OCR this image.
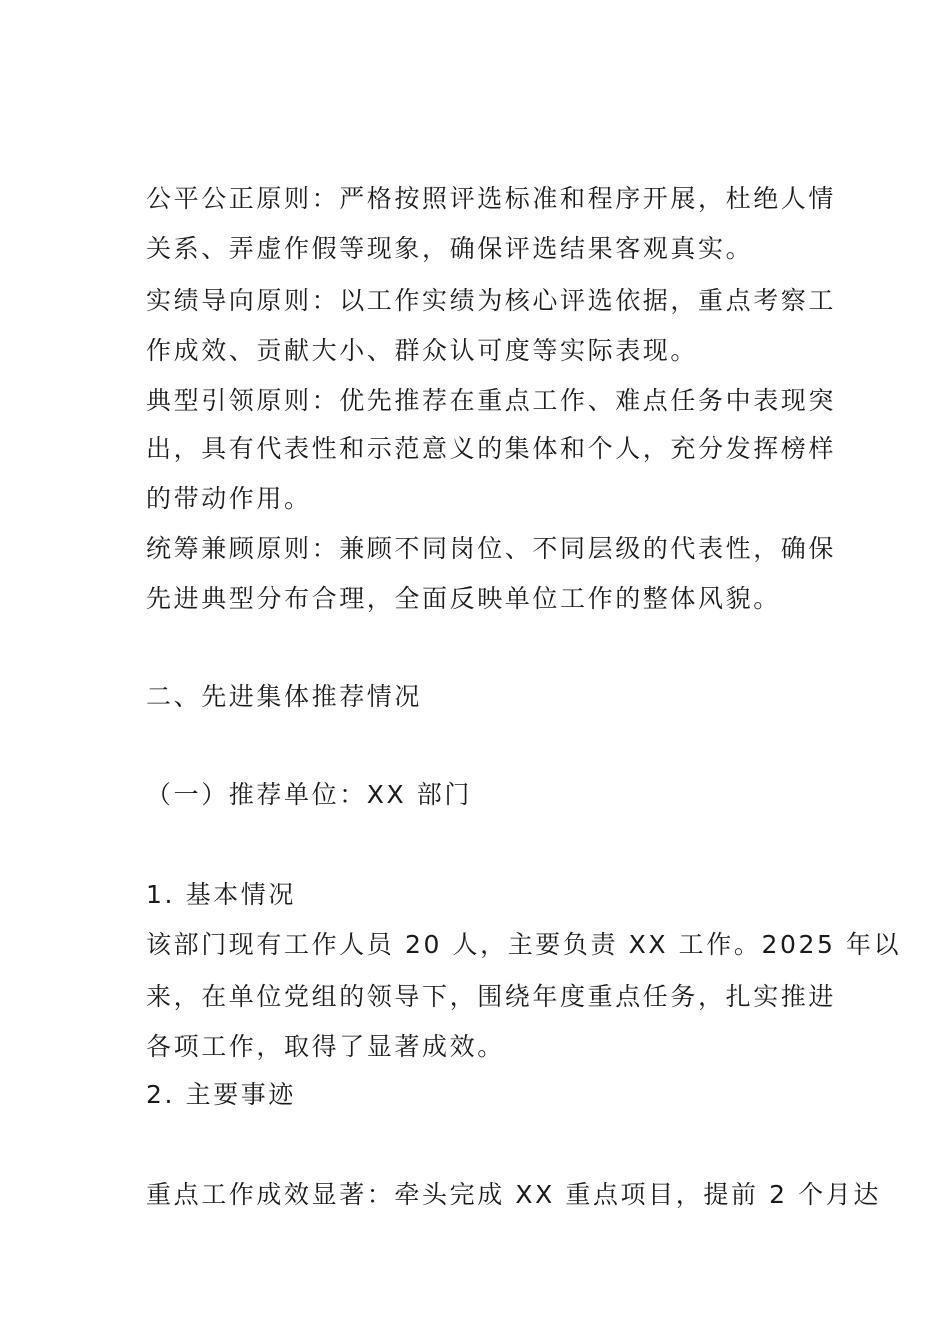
公平公正原则：严格按照评选标准和程序开展，杜绝人情
关系、弄虚作假等现象，确保评选结果客观真实。
实绩导向原则：以工作实绩为核心评选依据，重点考察工
作成效、贡献大小、群众认可度等实际表现。
典型引领原则：优先推荐在重点工作、难点任务中表现突
出，具有代表性和示范意义的集体和个人，充分发挥榜样
的带动作用。
统筹兼顾原则：兼顾不同岗位、不同层级的代表性，确保
先进典型分布合理，全面反映单位工作的整体风貌。
二、先进集体推荐情况
（一）推荐单位：XX 部门
1. 基本情况
该部门现有工作人员 20 人，主要负责 XX 工作。2025 年以
来，在单位党组的领导下，围绕年度重点任务，扎实推进
各项工作，取得了显著成效。
2. 主要事迹
重点工作成效显著：牵头完成 XX 重点项目，提前 2 个月达
